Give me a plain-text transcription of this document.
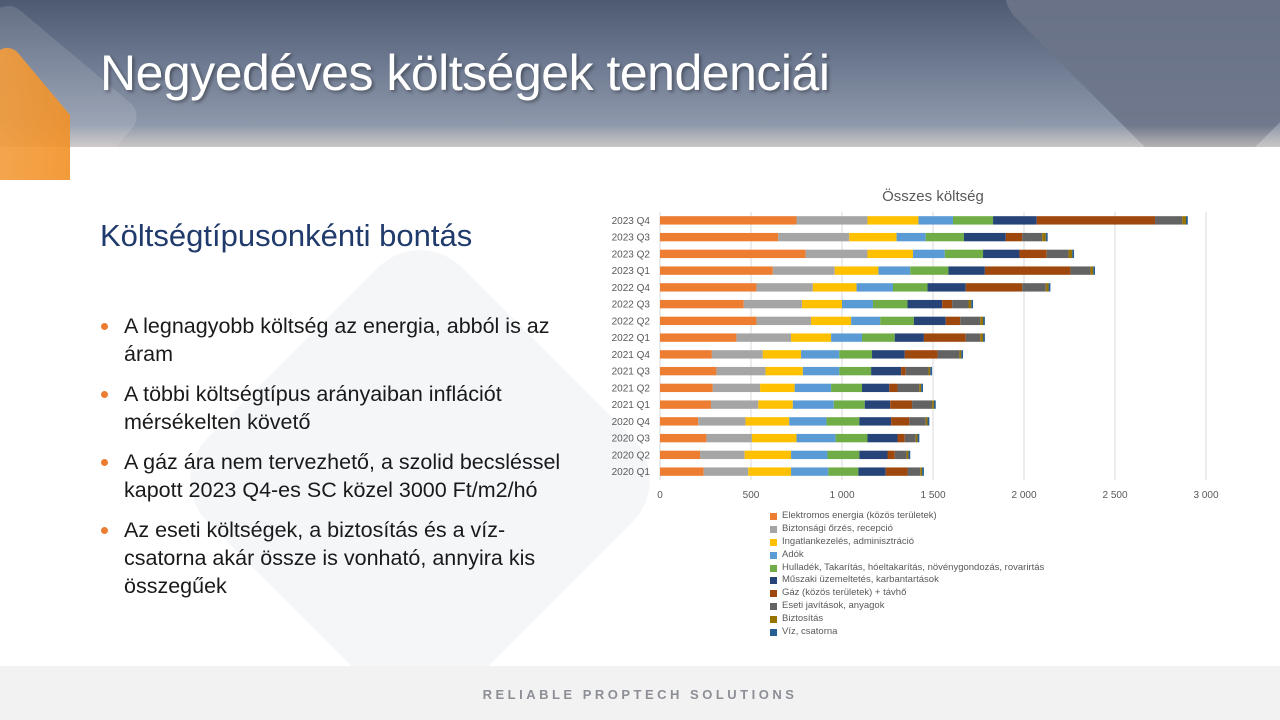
Negyedéves költségek tendenciái
Költségtípusonkénti bontás
A legnagyobb költség az energia, abból is az áram
A többi költségtípus arányaiban inflációt mérsékelten követő
A gáz ára nem tervezhető, a szolid becsléssel kapott 2023 Q4-es SC közel 3000 Ft/m2/hó
Az eseti költségek, a biztosítás és a víz-csatorna akár össze is vonható, annyira kis összegűek
Összes költség
0	500	1 000	1 500	2 000	2 500	3 000
2020 Q1
2020 Q2
2020 Q3
2020 Q4
2021 Q1
2021 Q2
2021 Q3
2021 Q4
2022 Q1
2022 Q2
2022 Q3
2022 Q4
2023 Q1
2023 Q2
2023 Q3
2023 Q4
Elektromos energia (közös területek)
Biztonsági őrzés, recepció
Ingatlankezelés, adminisztráció
Adók
Hulladék, Takarítás, hóeltakarítás, növénygondozás, rovarirtás
Műszaki üzemeltetés, karbantartások
Gáz (közös területek) + távhő
Eseti javítások, anyagok
Biztosítás
Víz, csatorna
RELIABLE PROPTECH SOLUTIONS
